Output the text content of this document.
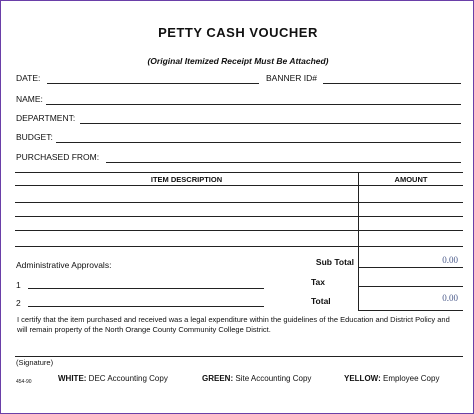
PETTY CASH VOUCHER
(Original Itemized Receipt Must Be Attached)
DATE:	BANNER ID#
NAME:
DEPARTMENT:
BUDGET:
PURCHASED FROM:
ITEM DESCRIPTION	AMOUNT
Administrative Approvals:
1
2
Sub Total	0.00
Tax
Total	0.00
I certify that the item purchased and received was a legal expenditure within the guidelines of the Education and District Policy and will remain property of the North Orange County Community College District.
(Signature)
454-90	WHITE: DEC Accounting Copy	GREEN: Site Accounting Copy	YELLOW: Employee Copy
